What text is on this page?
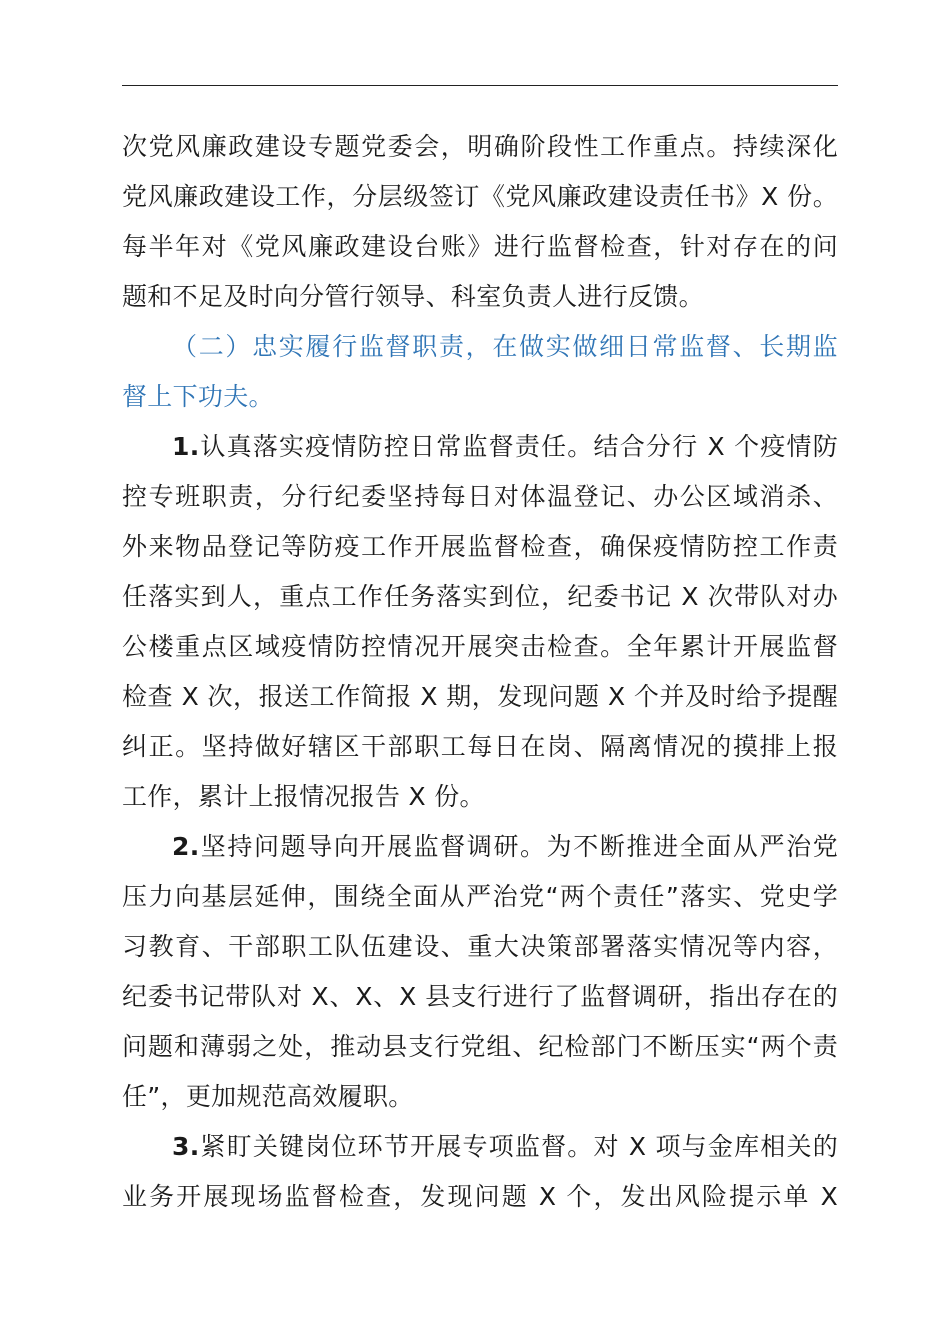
次党风廉政建设专题党委会，明确阶段性工作重点。持续深化
党风廉政建设工作，分层级签订《党风廉政建设责任书》X 份。
每半年对《党风廉政建设台账》进行监督检查，针对存在的问
题和不足及时向分管行领导、科室负责人进行反馈。
（二）忠实履行监督职责，在做实做细日常监督、长期监
督上下功夫。
1.认真落实疫情防控日常监督责任。结合分行 X 个疫情防
控专班职责，分行纪委坚持每日对体温登记、办公区域消杀、
外来物品登记等防疫工作开展监督检查，确保疫情防控工作责
任落实到人，重点工作任务落实到位，纪委书记 X 次带队对办
公楼重点区域疫情防控情况开展突击检查。全年累计开展监督
检查 X 次，报送工作简报 X 期，发现问题 X 个并及时给予提醒
纠正。坚持做好辖区干部职工每日在岗、隔离情况的摸排上报
工作，累计上报情况报告 X 份。
2.坚持问题导向开展监督调研。为不断推进全面从严治党
压力向基层延伸，围绕全面从严治党“两个责任”落实、党史学
习教育、干部职工队伍建设、重大决策部署落实情况等内容，
纪委书记带队对 X、X、X 县支行进行了监督调研，指出存在的
问题和薄弱之处，推动县支行党组、纪检部门不断压实“两个责
任”，更加规范高效履职。
3.紧盯关键岗位环节开展专项监督。对 X 项与金库相关的
业务开展现场监督检查，发现问题 X 个，发出风险提示单 X
